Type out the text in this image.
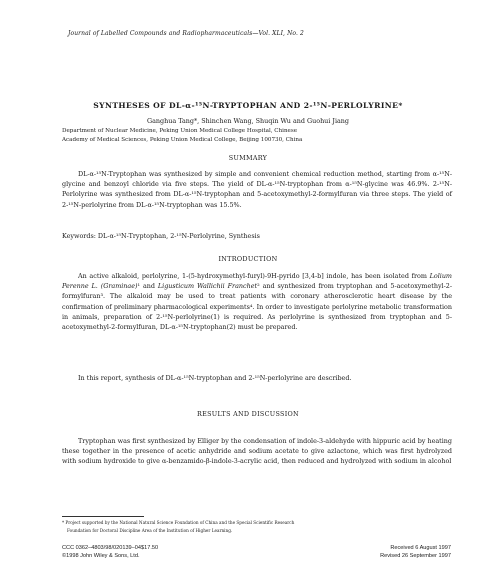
Journal of Labelled Compounds and Radiopharmaceuticals—Vol. XLI, No. 2
SYNTHESES OF DL-α-¹⁵N-TRYPTOPHAN AND 2-¹⁵N-PERLOLYRINE*
Ganghua Tang*, Shinchen Wang, Shuqin Wu and Guohui Jiang
Department of Nuclear Medicine, Peking Union Medical College Hospital, Chinese
Academy of Medical Sciences, Peking Union Medical College, Beijing 100730, China
SUMMARY

DL-α-¹⁵N-Tryptophan was synthesized by simple and convenient chemical reduction method, starting from α-¹⁵N-glycine and benzoyl chloride via five steps. The yield of DL-α-¹⁵N-tryptophan from α-¹⁵N-glycine was 46.9%. 2-¹⁵N-Perlolyrine was synthesized from DL-α-¹⁵N-tryptophan and 5-acetoxymethyl-2-formylfuran via three steps. The yield of 2-¹⁵N-perlolyrine from DL-α-¹⁵N-tryptophan was 15.5%.

Keywords: DL-α-¹⁵N-Tryptophan, 2-¹⁵N-Perlolyrine, Synthesis
INTRODUCTION

An active alkaloid, perlolyrine, 1-(5-hydroxymethyl-furyl)-9H-pyrido [3,4-b] indole, has been isolated from Lolium Perenne L. (Graminae)¹ and Ligusticum Wallichii Franchet² and synthesized from tryptophan and 5-acetoxymethyl-2-formylfuran³. The alkaloid may be used to treat patients with coronary atherosclerotic heart disease by the confirmation of preliminary pharmacological experiments⁴. In order to investigate perlolyrine metabolic transformation in animals, preparation of 2-¹⁵N-perlolyrine(1) is required. As perlolyrine is synthesized from tryptophan and 5-acetoxymethyl-2-formylfuran, DL-α-¹⁵N-tryptophan(2) must be prepared.

In this report, synthesis of DL-α-¹⁵N-tryptophan and 2-¹⁵N-perlolyrine are described.

RESULTS AND DISCUSSION

Tryptophan was first synthesized by Elliger by the condensation of indole-3-aldehyde with hippuric acid by heating these together in the presence of acetic anhydride and sodium acetate to give azlactone, which was first hydrolyzed with sodium hydroxide to give α-benzamido-β-indole-3-acrylic acid, then reduced and hydrolyzed with sodium in alcohol

* Project supported by the National Natural Science Foundation of China and the Special Scientific Research
Foundation for Doctoral Discipline Area of the Institution of Higher Learning.
CCC 0362–4803/98/020139–04$17.50
©1998 John Wiley & Sons, Ltd.
Received 6 August 1997
Revised 26 September 1997
